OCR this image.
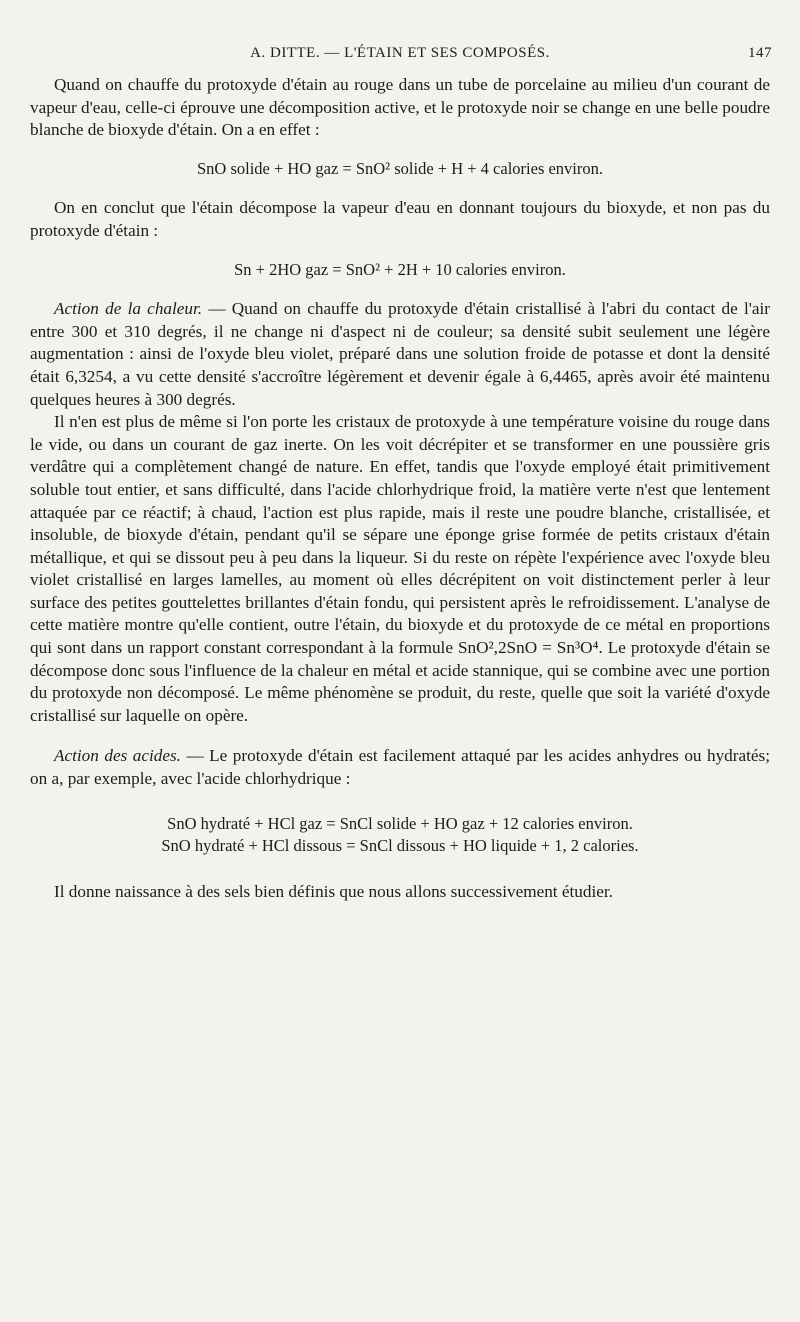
A. DITTE. — L'ÉTAIN ET SES COMPOSÉS.	147

Quand on chauffe du protoxyde d'étain au rouge dans un tube de porcelaine au milieu d'un courant de vapeur d'eau, celle-ci éprouve une décomposition active, et le protoxyde noir se change en une belle poudre blanche de bioxyde d'étain. On a en effet :

SnO solide + HO gaz = SnO² solide + H + 4 calories environ.

On en conclut que l'étain décompose la vapeur d'eau en donnant toujours du bioxyde, et non pas du protoxyde d'étain :

Sn + 2HO gaz = SnO² + 2H + 10 calories environ.

Action de la chaleur. — Quand on chauffe du protoxyde d'étain cristallisé à l'abri du contact de l'air entre 300 et 310 degrés, il ne change ni d'aspect ni de couleur; sa densité subit seulement une légère augmentation : ainsi de l'oxyde bleu violet, préparé dans une solution froide de potasse et dont la densité était 6,3254, a vu cette densité s'accroître légèrement et devenir égale à 6,4465, après avoir été maintenu quelques heures à 300 degrés.

Il n'en est plus de même si l'on porte les cristaux de protoxyde à une température voisine du rouge dans le vide, ou dans un courant de gaz inerte. On les voit décrépiter et se transformer en une poussière gris verdâtre qui a complètement changé de nature. En effet, tandis que l'oxyde employé était primitivement soluble tout entier, et sans difficulté, dans l'acide chlorhydrique froid, la matière verte n'est que lentement attaquée par ce réactif; à chaud, l'action est plus rapide, mais il reste une poudre blanche, cristallisée, et insoluble, de bioxyde d'étain, pendant qu'il se sépare une éponge grise formée de petits cristaux d'étain métallique, et qui se dissout peu à peu dans la liqueur. Si du reste on répète l'expérience avec l'oxyde bleu violet cristallisé en larges lamelles, au moment où elles décrépitent on voit distinctement perler à leur surface des petites gouttelettes brillantes d'étain fondu, qui persistent après le refroidissement. L'analyse de cette matière montre qu'elle contient, outre l'étain, du bioxyde et du protoxyde de ce métal en proportions qui sont dans un rapport constant correspondant à la formule SnO²,2SnO = Sn³O⁴. Le protoxyde d'étain se décompose donc sous l'influence de la chaleur en métal et acide stannique, qui se combine avec une portion du protoxyde non décomposé. Le même phénomène se produit, du reste, quelle que soit la variété d'oxyde cristallisé sur laquelle on opère.

Action des acides. — Le protoxyde d'étain est facilement attaqué par les acides anhydres ou hydratés; on a, par exemple, avec l'acide chlorhydrique :

SnO hydraté + HCl gaz = SnCl solide + HO gaz + 12 calories environ.
SnO hydraté + HCl dissous = SnCl dissous + HO liquide + 1, 2 calories.

Il donne naissance à des sels bien définis que nous allons successivement étudier.
